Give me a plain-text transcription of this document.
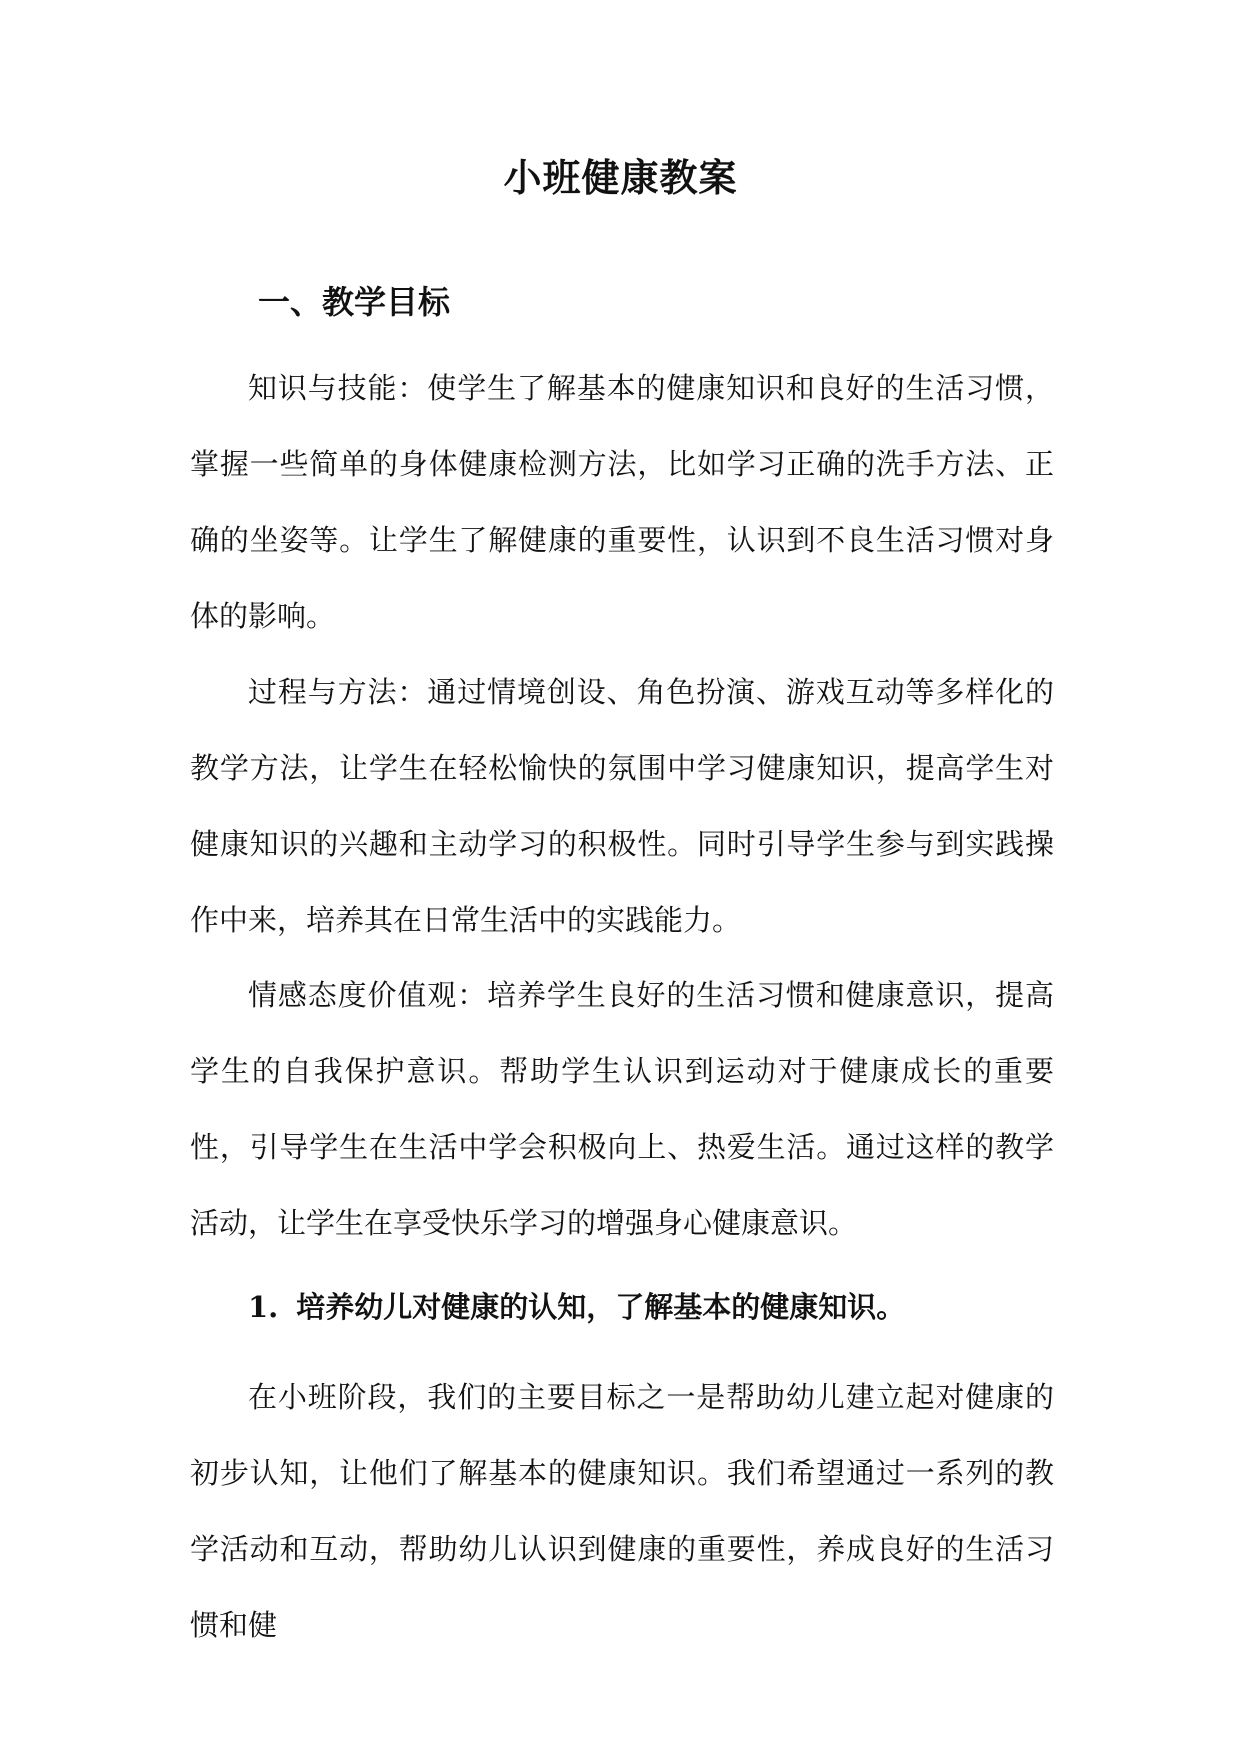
小班健康教案
一、教学目标

知识与技能：使学生了解基本的健康知识和良好的生活习惯，掌握一些简单的身体健康检测方法，比如学习正确的洗手方法、正确的坐姿等。让学生了解健康的重要性，认识到不良生活习惯对身体的影响。

过程与方法：通过情境创设、角色扮演、游戏互动等多样化的教学方法，让学生在轻松愉快的氛围中学习健康知识，提高学生对健康知识的兴趣和主动学习的积极性。同时引导学生参与到实践操作中来，培养其在日常生活中的实践能力。

情感态度价值观：培养学生良好的生活习惯和健康意识，提高学生的自我保护意识。帮助学生认识到运动对于健康成长的重要性，引导学生在生活中学会积极向上、热爱生活。通过这样的教学活动，让学生在享受快乐学习的增强身心健康意识。

1. 培养幼儿对健康的认知，了解基本的健康知识。

在小班阶段，我们的主要目标之一是帮助幼儿建立起对健康的初步认知，让他们了解基本的健康知识。我们希望通过一系列的教学活动和互动，帮助幼儿认识到健康的重要性，养成良好的生活习惯和健
